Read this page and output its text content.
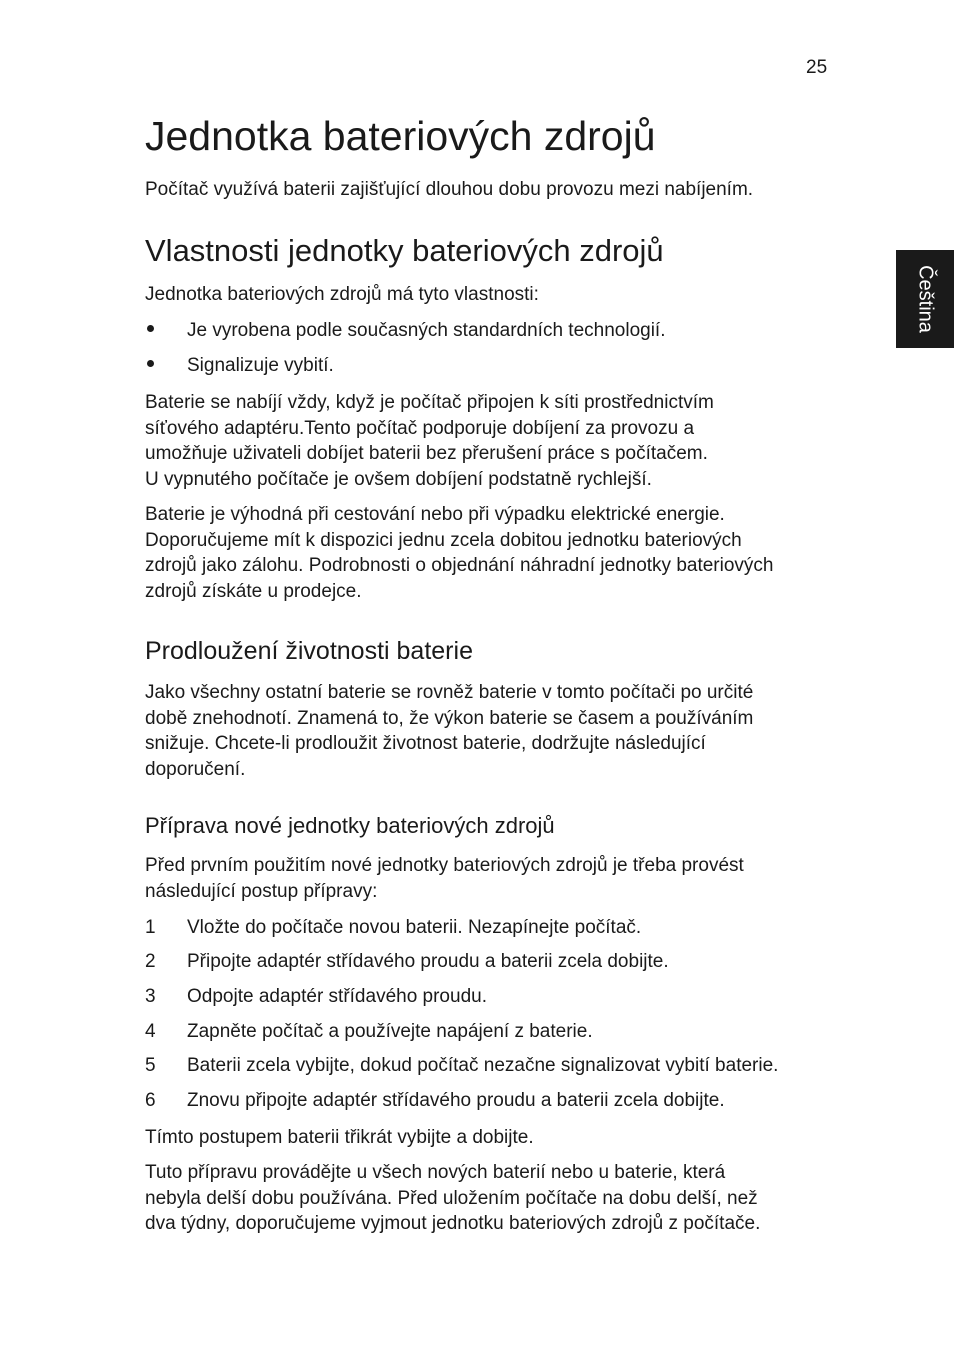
25
Čeština
Jednotka bateriových zdrojů

Počítač využívá baterii zajišťující dlouhou dobu provozu mezi nabíjením.

Vlastnosti jednotky bateriových zdrojů

Jednotka bateriových zdrojů má tyto vlastnosti:

Je vyrobena podle současných standardních technologií.
Signalizuje vybití.

Baterie se nabíjí vždy, když je počítač připojen k síti prostřednictvím
síťového adaptéru.Tento počítač podporuje dobíjení za provozu a
umožňuje uživateli dobíjet baterii bez přerušení práce s počítačem.
U vypnutého počítače je ovšem dobíjení podstatně rychlejší.

Baterie je výhodná při cestování nebo při výpadku elektrické energie.
Doporučujeme mít k dispozici jednu zcela dobitou jednotku bateriových
zdrojů jako zálohu. Podrobnosti o objednání náhradní jednotky bateriových
zdrojů získáte u prodejce.

Prodloužení životnosti baterie

Jako všechny ostatní baterie se rovněž baterie v tomto počítači po určité
době znehodnotí. Znamená to, že výkon baterie se časem a používáním
snižuje. Chcete-li prodloužit životnost baterie, dodržujte následující
doporučení.

Příprava nové jednotky bateriových zdrojů

Před prvním použitím nové jednotky bateriových zdrojů je třeba provést
následující postup přípravy:

1 Vložte do počítače novou baterii. Nezapínejte počítač.
2 Připojte adaptér střídavého proudu a baterii zcela dobijte.
3 Odpojte adaptér střídavého proudu.
4 Zapněte počítač a používejte napájení z baterie.
5 Baterii zcela vybijte, dokud počítač nezačne signalizovat vybití baterie.
6 Znovu připojte adaptér střídavého proudu a baterii zcela dobijte.

Tímto postupem baterii třikrát vybijte a dobijte.

Tuto přípravu provádějte u všech nových baterií nebo u baterie, která
nebyla delší dobu používána. Před uložením počítače na dobu delší, než
dva týdny, doporučujeme vyjmout jednotku bateriových zdrojů z počítače.
